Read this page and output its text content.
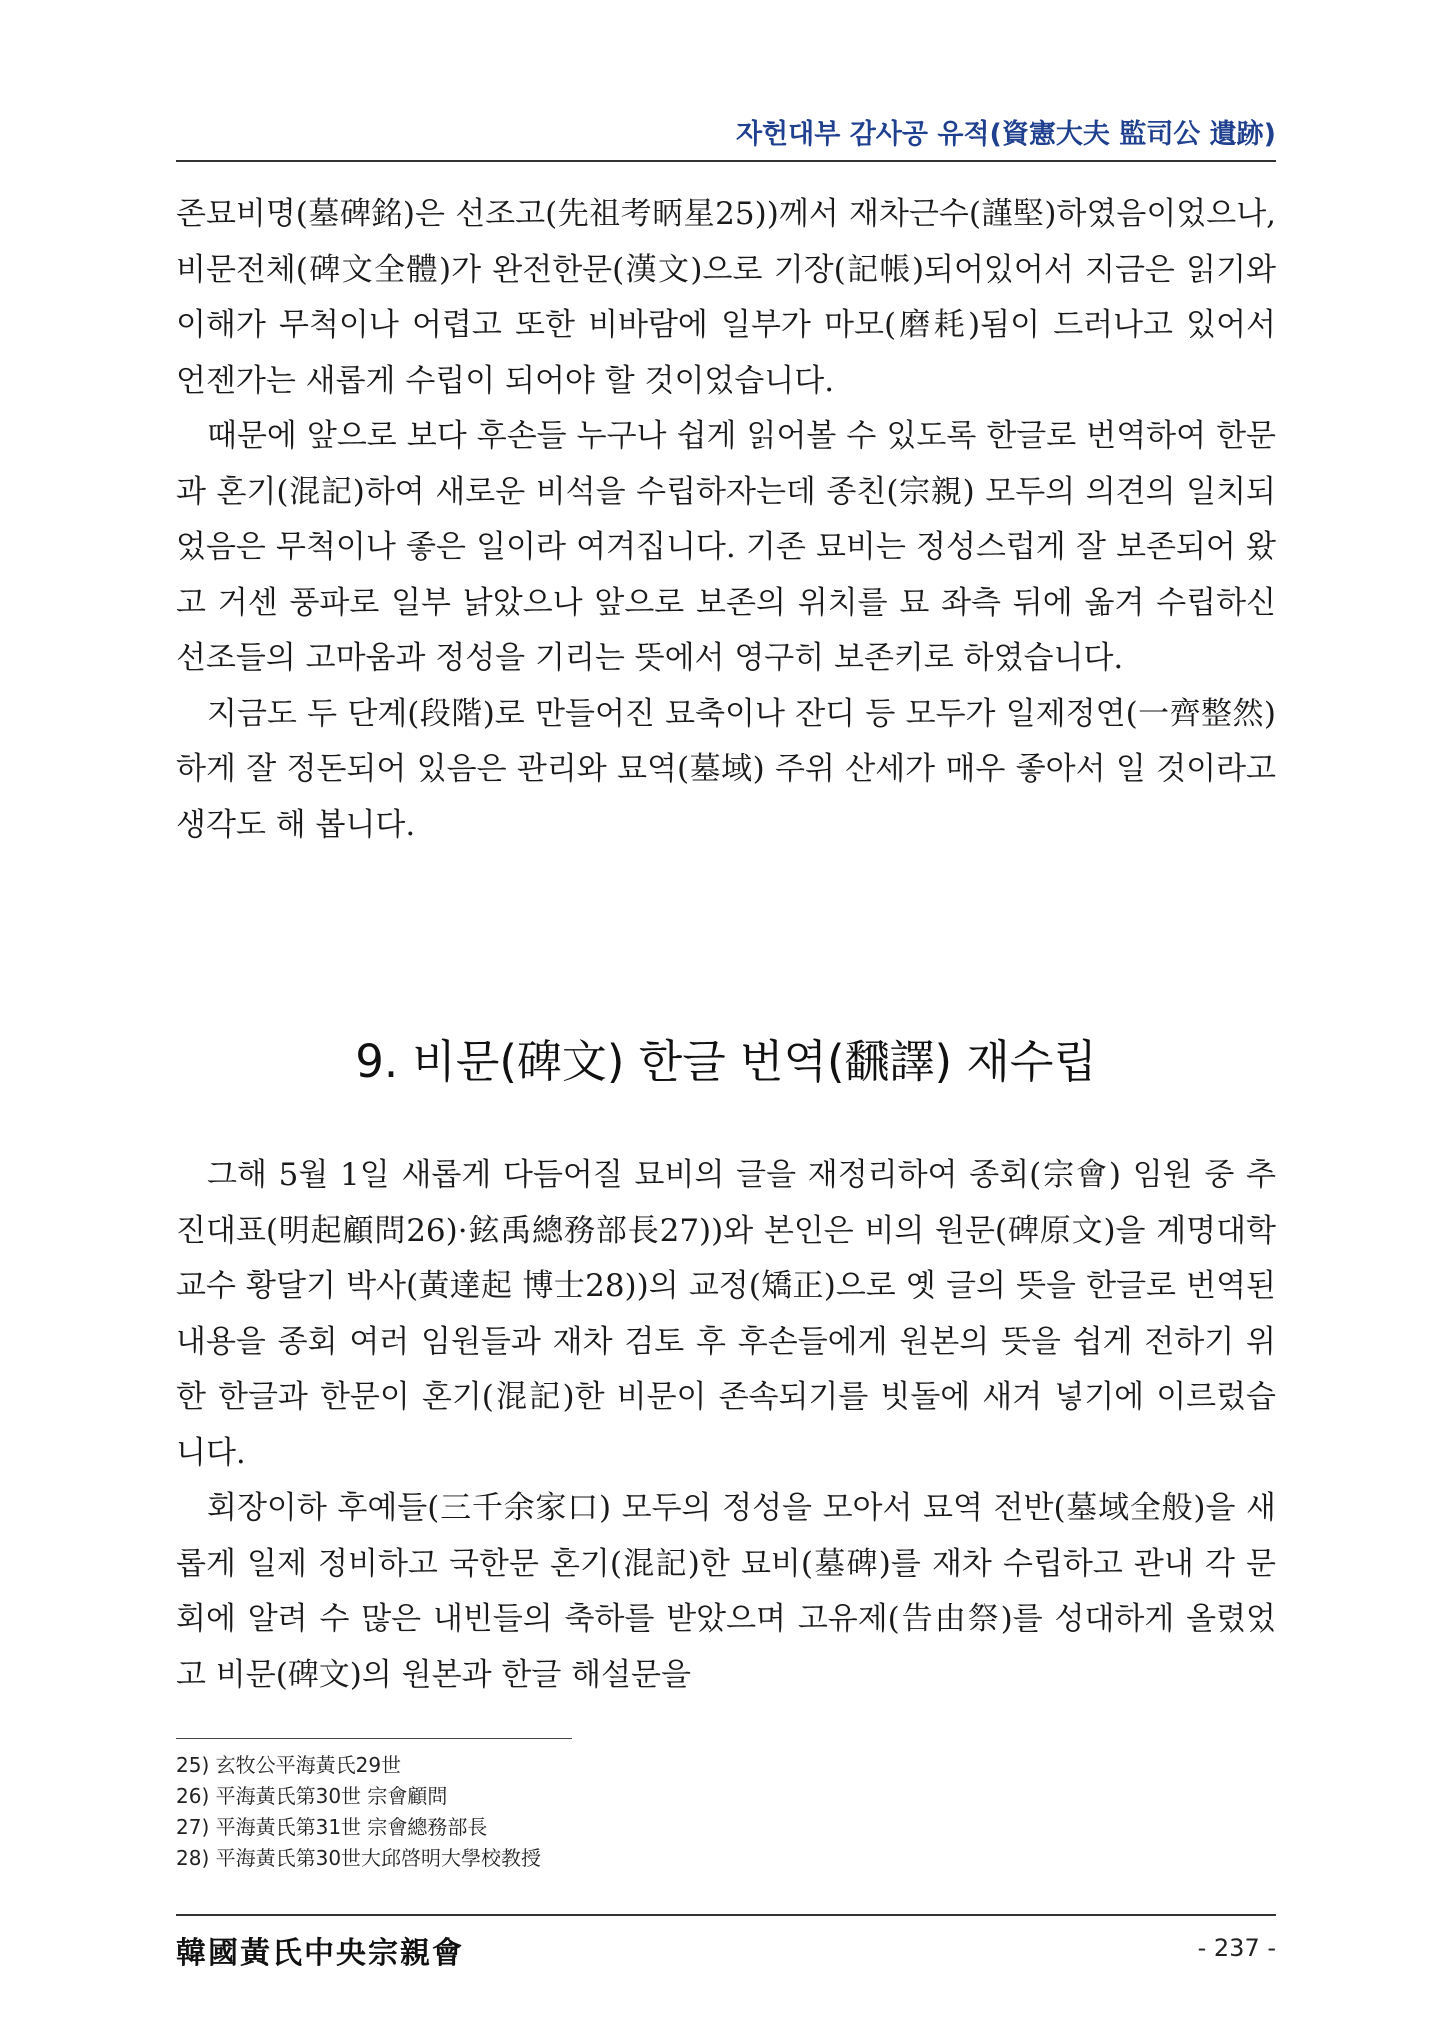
자헌대부 감사공 유적(資憲大夫 監司公 遺跡)

존묘비명(墓碑銘)은 선조고(先祖考昞星25))께서 재차근수(謹堅)하였음이었으나, 비문전체(碑文全體)가 완전한문(漢文)으로 기장(記帳)되어있어서 지금은 읽기와 이해가 무척이나 어렵고 또한 비바람에 일부가 마모(磨耗)됨이 드러나고 있어서 언젠가는 새롭게 수립이 되어야 할 것이었습니다.

때문에 앞으로 보다 후손들 누구나 쉽게 읽어볼 수 있도록 한글로 번역하여 한문과 혼기(混記)하여 새로운 비석을 수립하자는데 종친(宗親) 모두의 의견의 일치되었음은 무척이나 좋은 일이라 여겨집니다. 기존 묘비는 정성스럽게 잘 보존되어 왔고 거센 풍파로 일부 낡았으나 앞으로 보존의 위치를 묘 좌측 뒤에 옮겨 수립하신 선조들의 고마움과 정성을 기리는 뜻에서 영구히 보존키로 하였습니다.

지금도 두 단계(段階)로 만들어진 묘축이나 잔디 등 모두가 일제정연(一齊整然)하게 잘 정돈되어 있음은 관리와 묘역(墓域) 주위 산세가 매우 좋아서 일 것이라고 생각도 해 봅니다.

9. 비문(碑文) 한글 번역(飜譯) 재수립

그해 5월 1일 새롭게 다듬어질 묘비의 글을 재정리하여 종회(宗會) 임원 중 추진대표(明起顧問26)·鉉禹總務部長27))와 본인은 비의 원문(碑原文)을 계명대학 교수 황달기 박사(黃達起 博士28))의 교정(矯正)으로 옛 글의 뜻을 한글로 번역된 내용을 종회 여러 임원들과 재차 검토 후 후손들에게 원본의 뜻을 쉽게 전하기 위한 한글과 한문이 혼기(混記)한 비문이 존속되기를 빗돌에 새겨 넣기에 이르렀습니다.

회장이하 후예들(三千余家口) 모두의 정성을 모아서 묘역 전반(墓域全般)을 새롭게 일제 정비하고 국한문 혼기(混記)한 묘비(墓碑)를 재차 수립하고 관내 각 문회에 알려 수 많은 내빈들의 축하를 받았으며 고유제(告由祭)를 성대하게 올렸었고 비문(碑文)의 원본과 한글 해설문을

25) 玄牧公平海黃氏29世
26) 平海黃氏第30世 宗會顧問
27) 平海黃氏第31世 宗會總務部長
28) 平海黃氏第30世大邱啓明大學校教授
韓國黃氏中央宗親會	- 237 -
